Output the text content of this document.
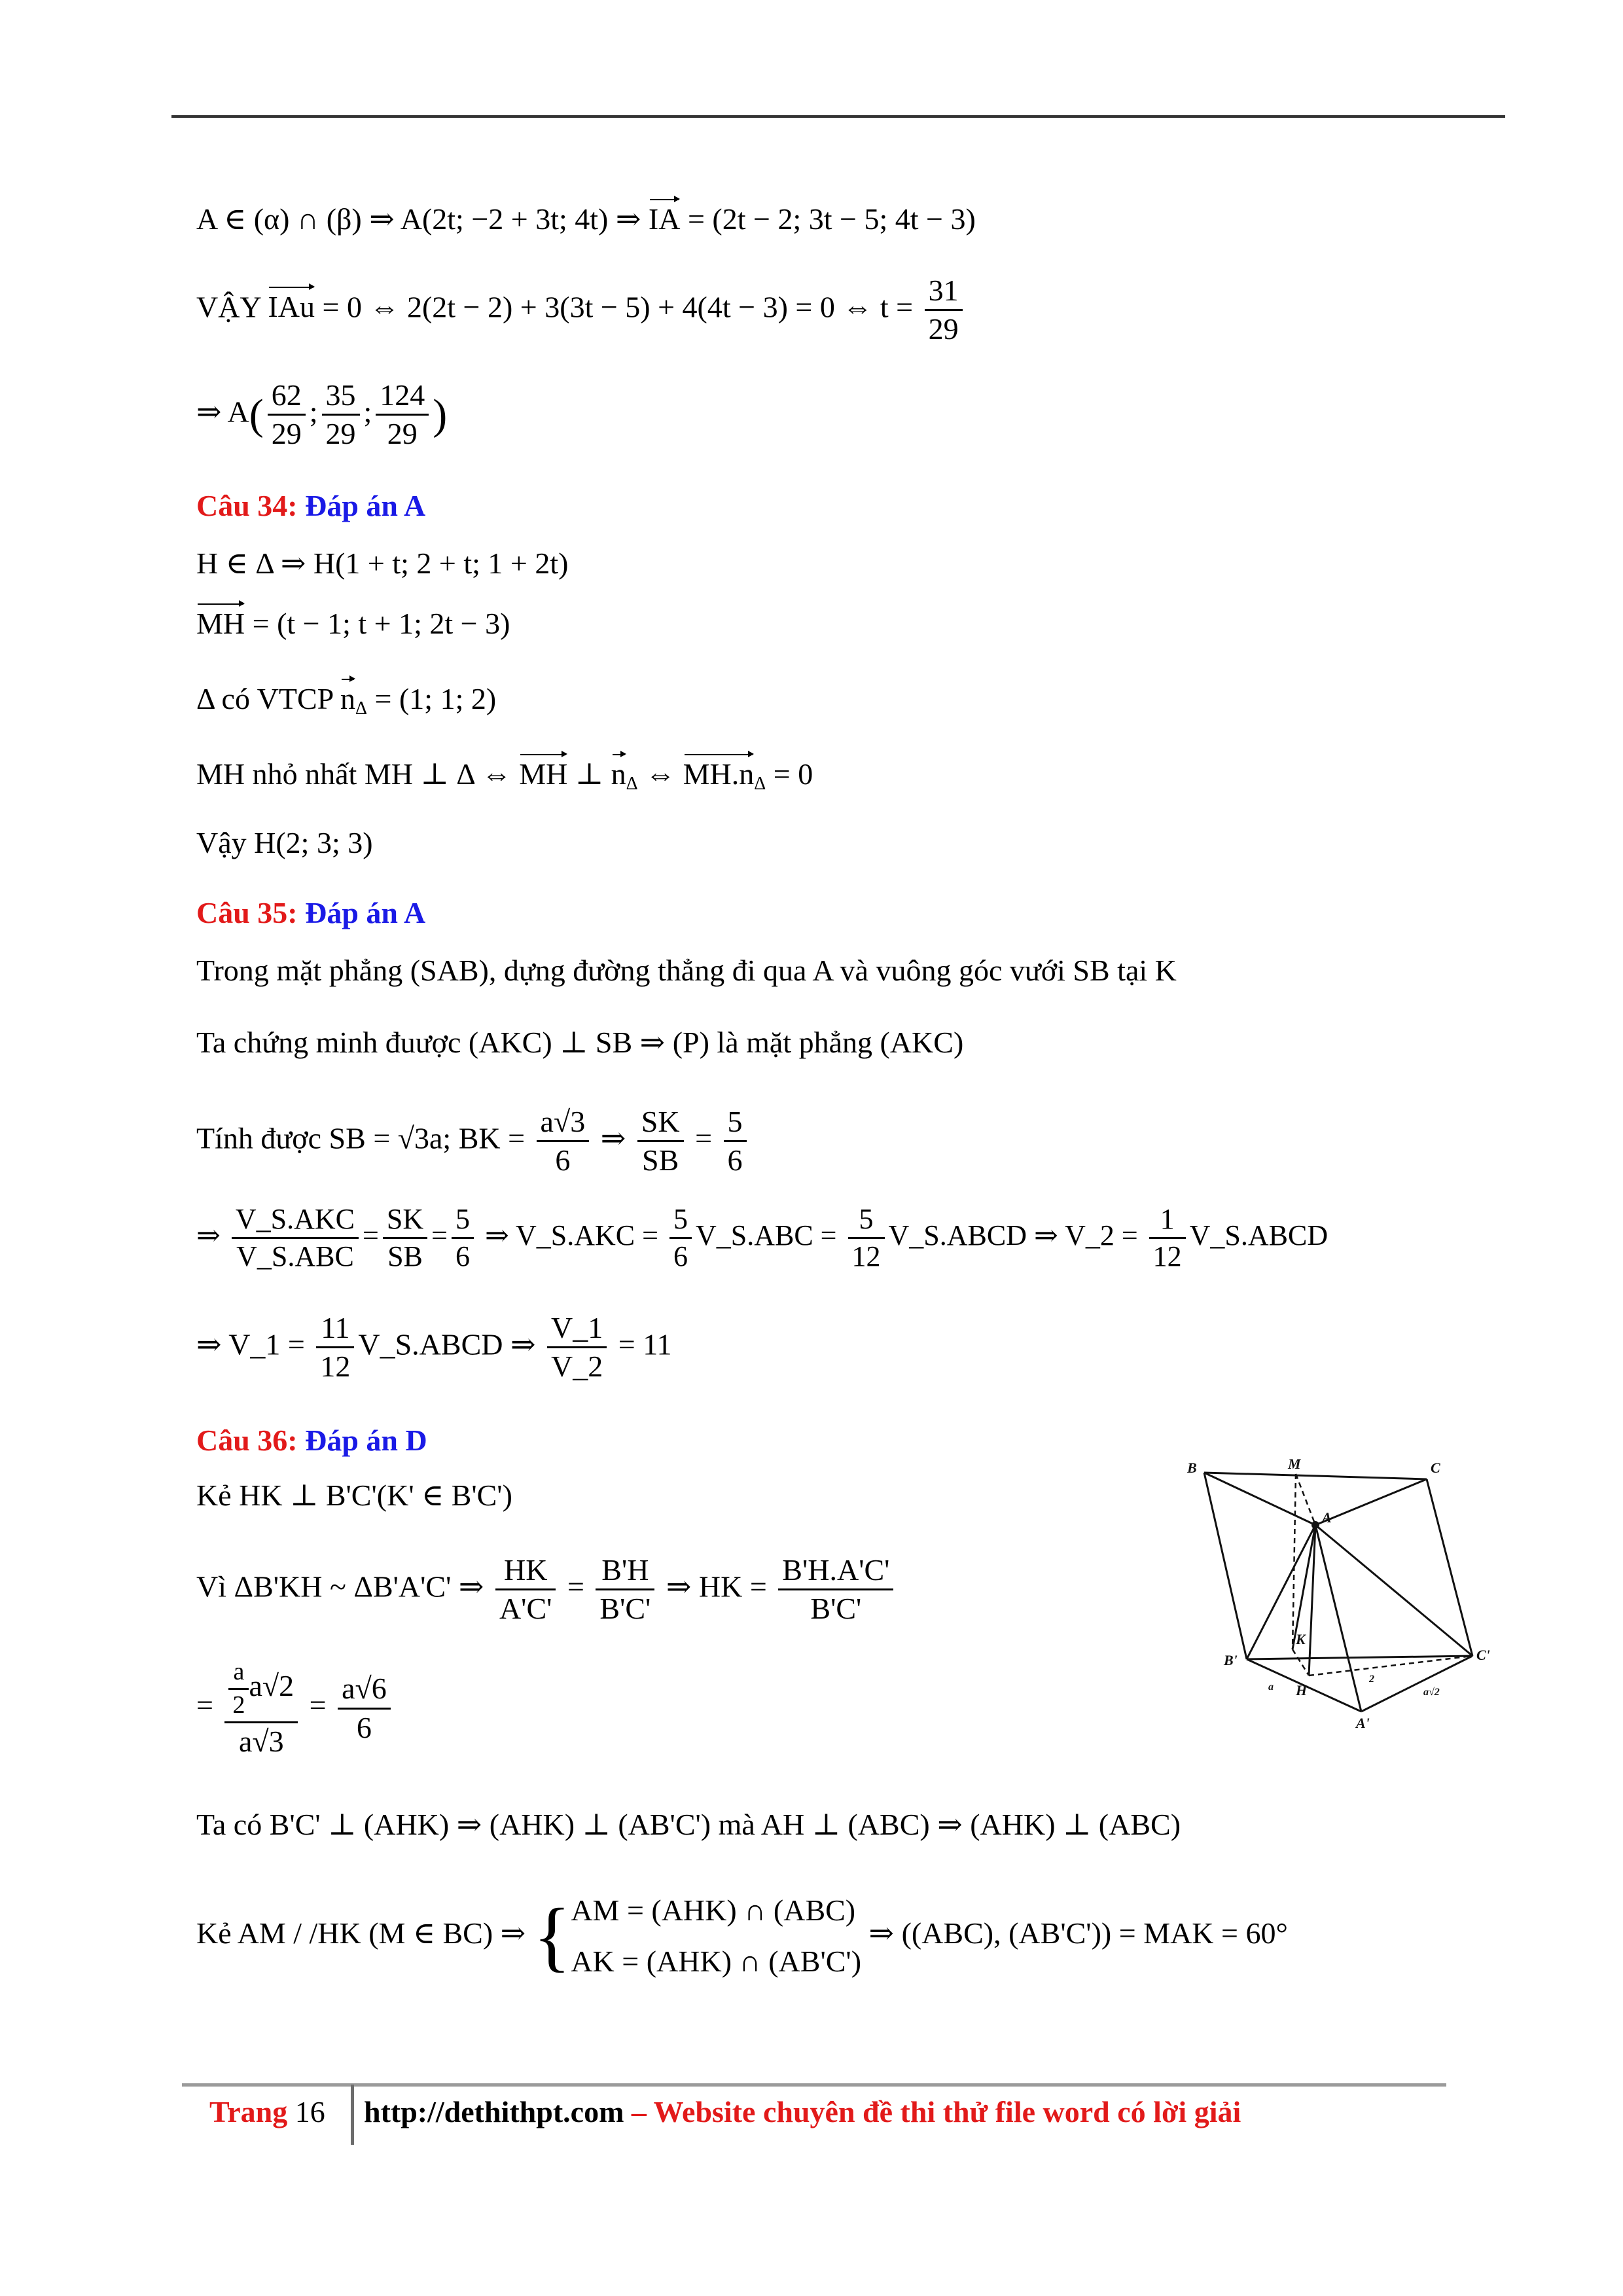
A ∈ (α) ∩ (β) ⇒ A(2t; −2 + 3t; 4t) ⇒ IA = (2t − 2; 3t − 5; 4t − 3)
VẬY IAu = 0 ⇔ 2(2t − 2) + 3(3t − 5) + 4(4t − 3) = 0 ⇔ $t = \frac{31}{29}$
⇒ $A( \frac{62}{29}$ ; $\frac{35}{29}$ ; $\frac{124}{29}$ )
Câu 34: Đáp án A
H ∈ Δ ⇒ H(1 + t; 2 + t; 1 + 2t)
MH = (t − 1; t + 1; 2t − 3)
Δ có VTCP $n_\Delta = (1$; 1; 2)
MH nhỏ nhất MH ⊥ Δ ⇔ MH ⊥ $n_\Delta$ ⇔ $MH.n_\Delta = 0$
Vậy H(2; 3; 3)
Câu 35: Đáp án A
Trong mặt phẳng (SAB), dựng đường thẳng đi qua A và vuông góc vưới SB tại K
Ta chứng minh đuược (AKC) ⊥ SB ⇒ (P) là mặt phẳng (AKC)
Tính được SB = √3a; BK = $\frac{a√3}{6}$ ⇒ $\frac{SK}{SB} = \frac{5}{6}$
⇒ $\frac{\text{V\_S.AKC}}{\text{V\_S.ABC}} = \frac{SK}{SB} = \frac{5}{6}$ ⇒ V_S.AKC = $\frac{5}{6}$ V_S.ABC = $\frac{5}{12}$ V_S.ABCD ⇒ V_2 = $\frac{1}{12}$ V_S.ABCD
⇒ V_1 = $\frac{11}{12}$ V_S.ABCD ⇒ $\frac{V\_1}{V\_2} = 11$
Câu 36: Đáp án D
Kẻ HK ⊥ B'C'(K' ∈ B'C')
Vì ΔB'KH ~ ΔB'A'C' ⇒ $\frac{HK}{A'C'} = \frac{B'H}{B'C'}$ ⇒ HK = $\frac{B'H.A'C'}{B'C'}$
= $\frac{\frac{a}{2} a√2}{a√3} = \frac{a√6}{6}$
Ta có B'C' ⊥ (AHK) ⇒ (AHK) ⊥ (AB'C') mà AH ⊥ (ABC) ⇒ (AHK) ⊥ (ABC)
Kẻ AM / /HK (M ∈ BC) ⇒ { AM = (AHK) ∩ (ABC)
AK = (AHK) ∩ (AB'C')
⇒ ((ABC), (AB'C')) = MAK = 60°
B	M	C
A
K
B'
H
C'
A'
a	a√2
2
Trang 16 http://dethithpt.com – Website chuyên đề thi thử file word có lời giải
